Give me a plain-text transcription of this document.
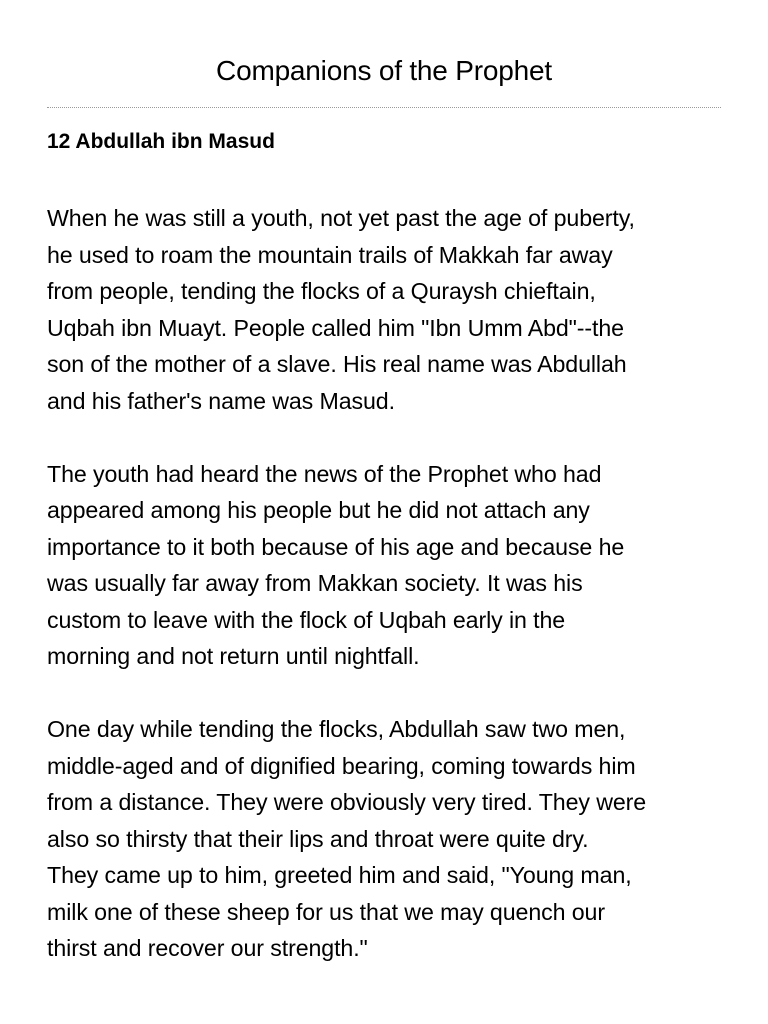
Companions of the Prophet
12 Abdullah ibn Masud

When he was still a youth, not yet past the age of puberty,
he used to roam the mountain trails of Makkah far away
from people, tending the flocks of a Quraysh chieftain,
Uqbah ibn Muayt. People called him "Ibn Umm Abd"--the
son of the mother of a slave. His real name was Abdullah
and his father's name was Masud.

The youth had heard the news of the Prophet who had
appeared among his people but he did not attach any
importance to it both because of his age and because he
was usually far away from Makkan society. It was his
custom to leave with the flock of Uqbah early in the
morning and not return until nightfall.

One day while tending the flocks, Abdullah saw two men,
middle-aged and of dignified bearing, coming towards him
from a distance. They were obviously very tired. They were
also so thirsty that their lips and throat were quite dry.
They came up to him, greeted him and said, "Young man,
milk one of these sheep for us that we may quench our
thirst and recover our strength."
